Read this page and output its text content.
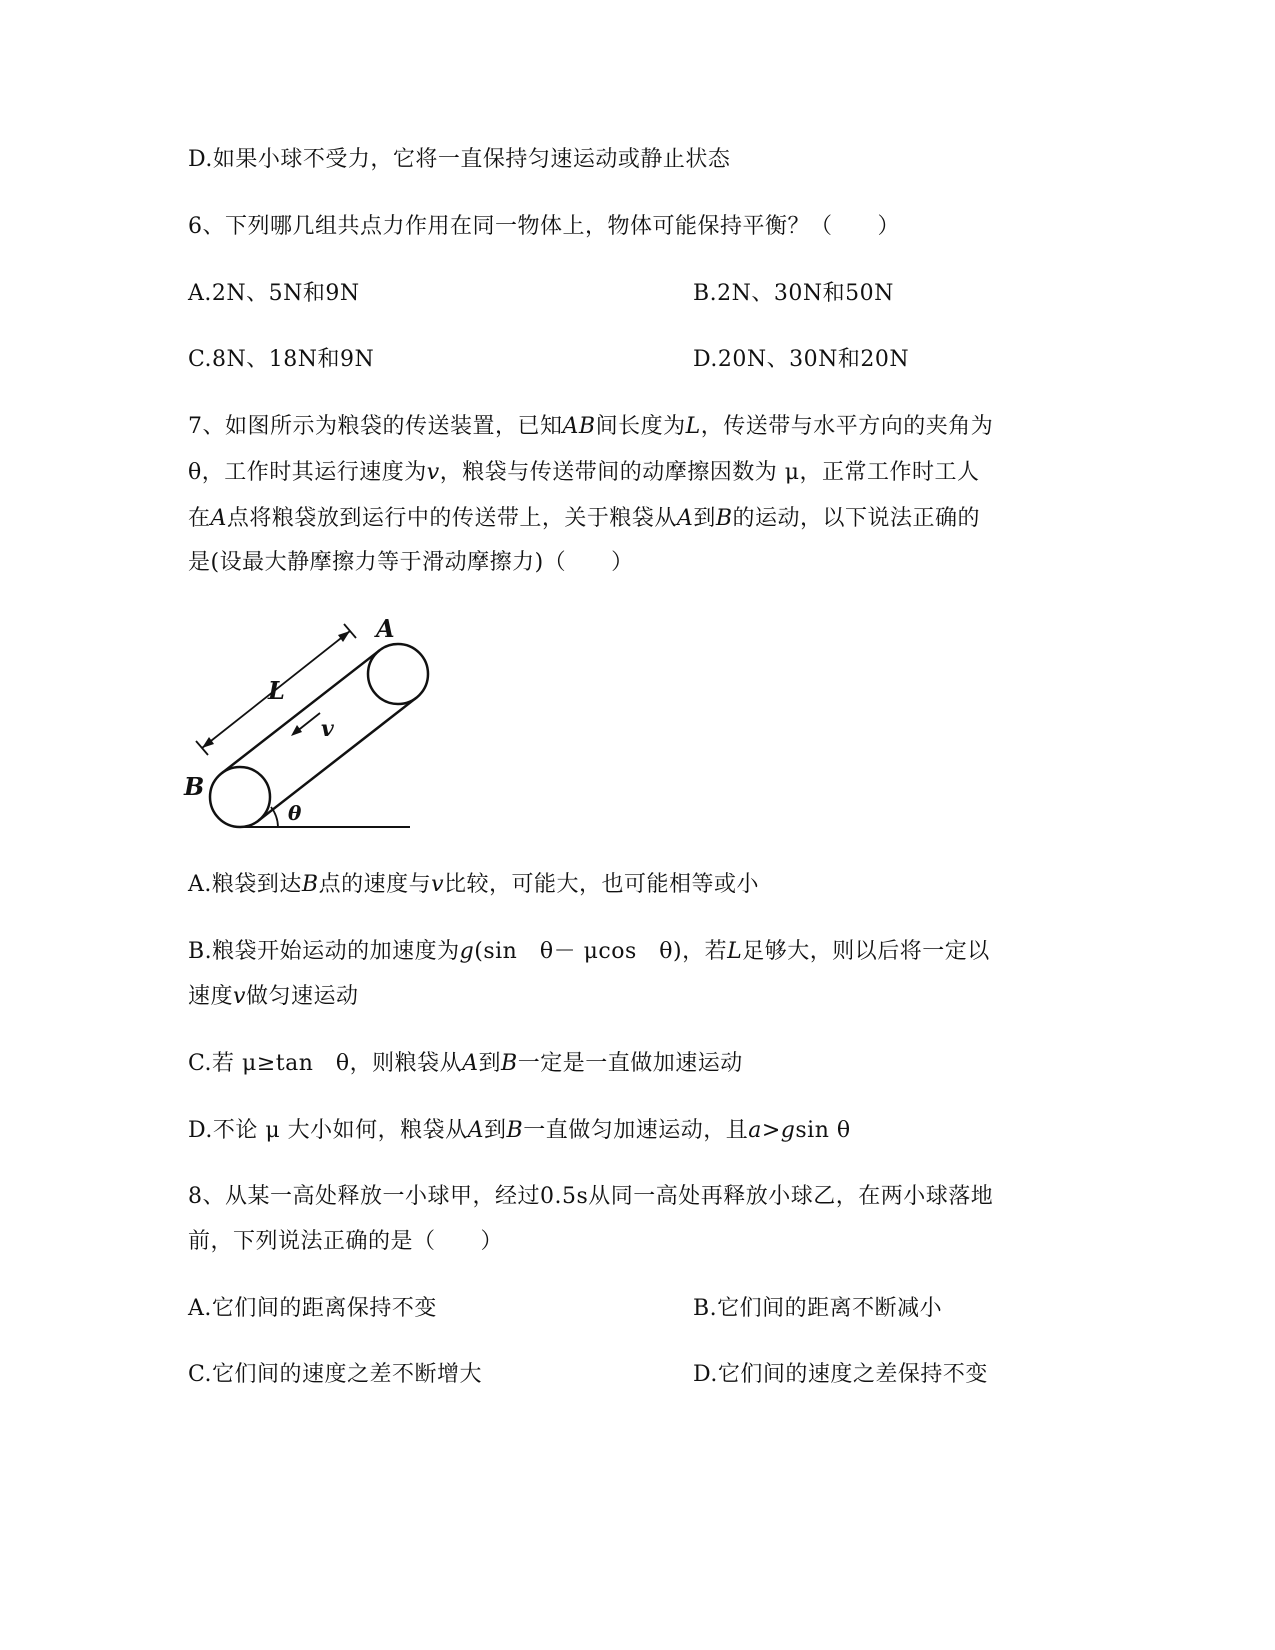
D.如果小球不受力，它将一直保持匀速运动或静止状态
6、下列哪几组共点力作用在同一物体上，物体可能保持平衡？（　　）
A.2N、5N和9N	B.2N、30N和50N
C.8N、18N和9N	D.20N、30N和20N
7、如图所示为粮袋的传送装置，已知AB间长度为L，传送带与水平方向的夹角为
θ，工作时其运行速度为v，粮袋与传送带间的动摩擦因数为 μ，正常工作时工人
在A点将粮袋放到运行中的传送带上，关于粮袋从A到B的运动，以下说法正确的
是(设最大静摩擦力等于滑动摩擦力)（　　）
A
B
L
v
θ
A.粮袋到达B点的速度与v比较，可能大，也可能相等或小
B.粮袋开始运动的加速度为g(sin　θ－ μcos　θ)，若L足够大，则以后将一定以
速度v做匀速运动
C.若 μ≥tan　θ，则粮袋从A到B一定是一直做加速运动
D.不论 μ 大小如何，粮袋从A到B一直做匀加速运动，且a>gsin θ
8、从某一高处释放一小球甲，经过0.5s从同一高处再释放小球乙，在两小球落地
前，下列说法正确的是（　　）
A.它们间的距离保持不变	B.它们间的距离不断减小
C.它们间的速度之差不断增大	D.它们间的速度之差保持不变
